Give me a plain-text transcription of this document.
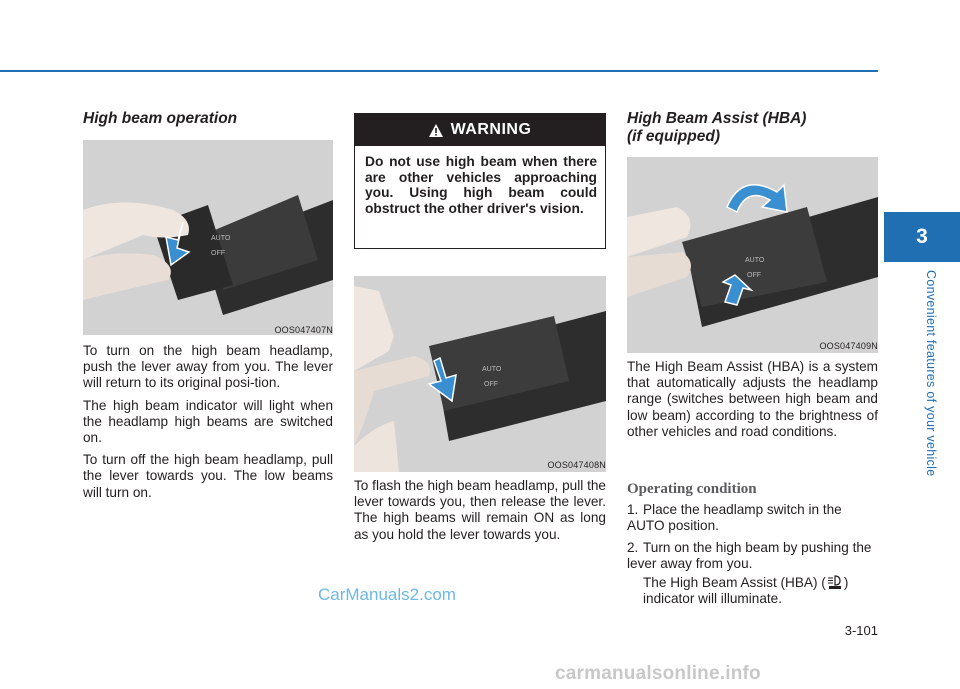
High beam operation
AUTO
OFF
OOS047407N

To turn on the high beam headlamp, push the lever away from you. The lever will return to its original posi-tion.

The high beam indicator will light when the headlamp high beams are switched on.

To turn off the high beam headlamp, pull the lever towards you. The low beams will turn on.

WARNING
Do not use high beam when there are other vehicles approaching you. Using high beam could obstruct the other driver's vision.
AUTO
OFF
OOS047408N
To flash the high beam headlamp, pull the lever towards you, then release the lever. The high beams will remain ON as long as you hold the lever towards you.
High Beam Assist (HBA)
(if equipped)
AUTO
OFF
OOS047409N
The High Beam Assist (HBA) is a system that automatically adjusts the headlamp range (switches between high beam and low beam) according to the brightness of other vehicles and road conditions.
Operating condition
1. Place the headlamp switch in the AUTO position.
2. Turn on the high beam by pushing the lever away from you.
The High Beam Assist (HBA) ( )
indicator will illuminate.
3
Convenient features of your vehicle
3-101
CarManuals2.com
carmanualsonline.info
